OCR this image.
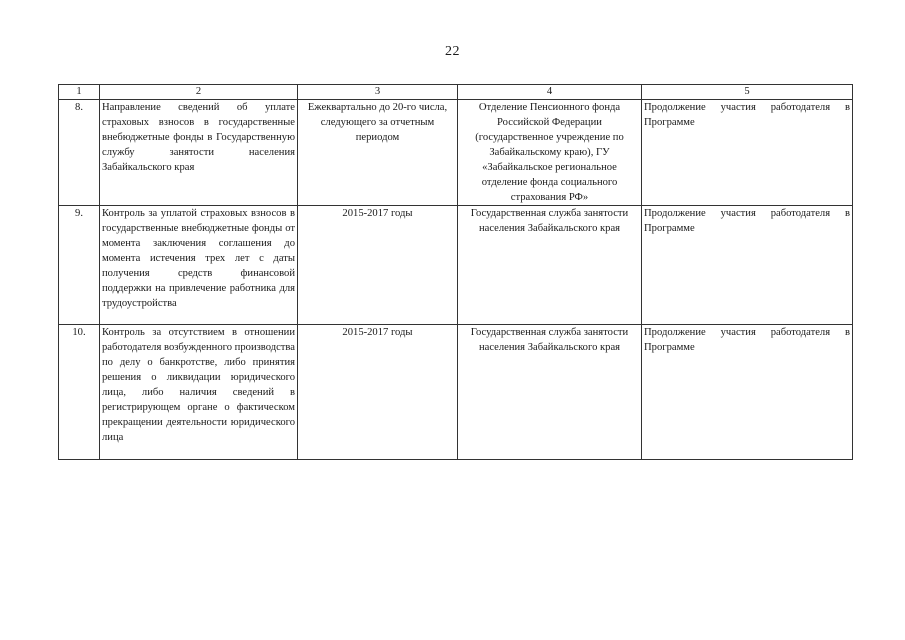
22
1	2	3	4	5
8.	Направление сведений об уплате страховых взносов в государственные внебюджетные фонды в Государственную службу занятости населения Забайкальского края	Ежеквартально до 20-го числа, следующего за отчетным периодом	Отделение Пенсионного фонда Российской Федерации (государственное учреждение по Забайкальскому краю), ГУ «Забайкальское региональное отделение фонда социального страхования РФ»	Продолжение участия работодателя в Программе
9.	Контроль за уплатой страховых взносов в государственные внебюджетные фонды от момента заключения соглашения до момента истечения трех лет с даты получения средств финансовой поддержки на привлечение работника для трудоустройства	2015-2017 годы	Государственная служба занятости населения Забайкальского края	Продолжение участия работодателя в Программе
10.	Контроль за отсутствием в отношении работодателя возбужденного производства по делу о банкротстве, либо принятия решения о ликвидации юридического лица, либо наличия сведений в регистрирующем органе о фактическом прекращении деятельности юридического лица	2015-2017 годы	Государственная служба занятости населения Забайкальского края	Продолжение участия работодателя в Программе
